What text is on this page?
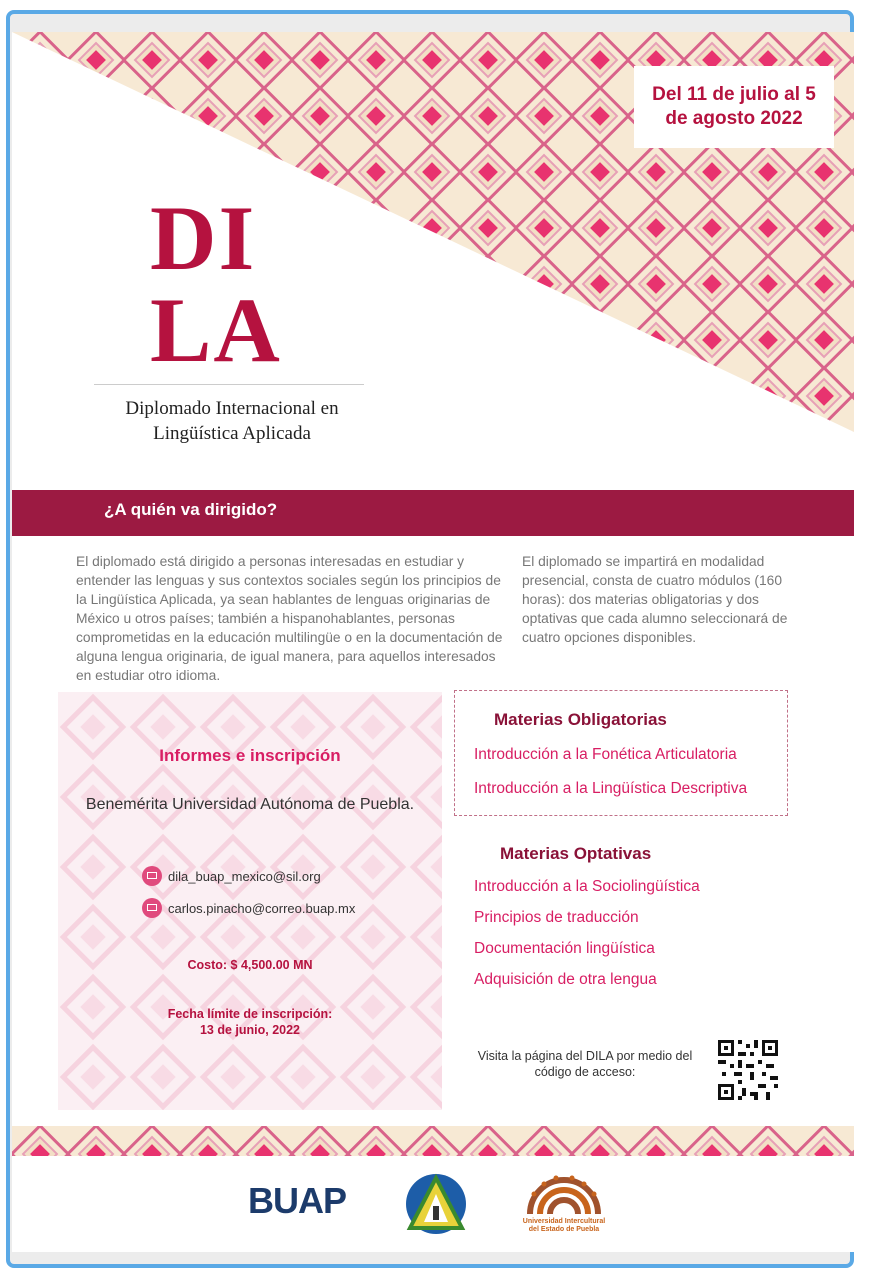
Del 11 de julio al 5 de agosto 2022
DI
LA
Diplomado Internacional en
Lingüística Aplicada
¿A quién va dirigido?
El diplomado está dirigido a personas interesadas en estudiar y entender las lenguas y sus contextos sociales según los principios de la Lingüística Aplicada, ya sean hablantes de lenguas originarias de México u otros países; también a hispanohablantes, personas comprometidas en la educación multilingüe o en la documentación de alguna lengua originaria, de igual manera, para aquellos interesados en estudiar otro idioma.
El diplomado se impartirá en modalidad presencial, consta de cuatro módulos (160 horas): dos materias obligatorias y dos optativas que cada alumno seleccionará de cuatro opciones disponibles.
Informes e inscripción
Benemérita Universidad Autónoma de Puebla.
dila_buap_mexico@sil.org
carlos.pinacho@correo.buap.mx
Costo: $ 4,500.00 MN
Fecha límite de inscripción:
13 de junio, 2022
Materias Obligatorias
Introducción a la Fonética Articulatoria
Introducción a la Lingüística Descriptiva
Materias Optativas
Introducción a la Sociolingüística
Principios de traducción
Documentación lingüística
Adquisición de otra lengua
Visita la página del DILA por medio del código de acceso:
BUAP
Universidad Intercultural del Estado de Puebla
